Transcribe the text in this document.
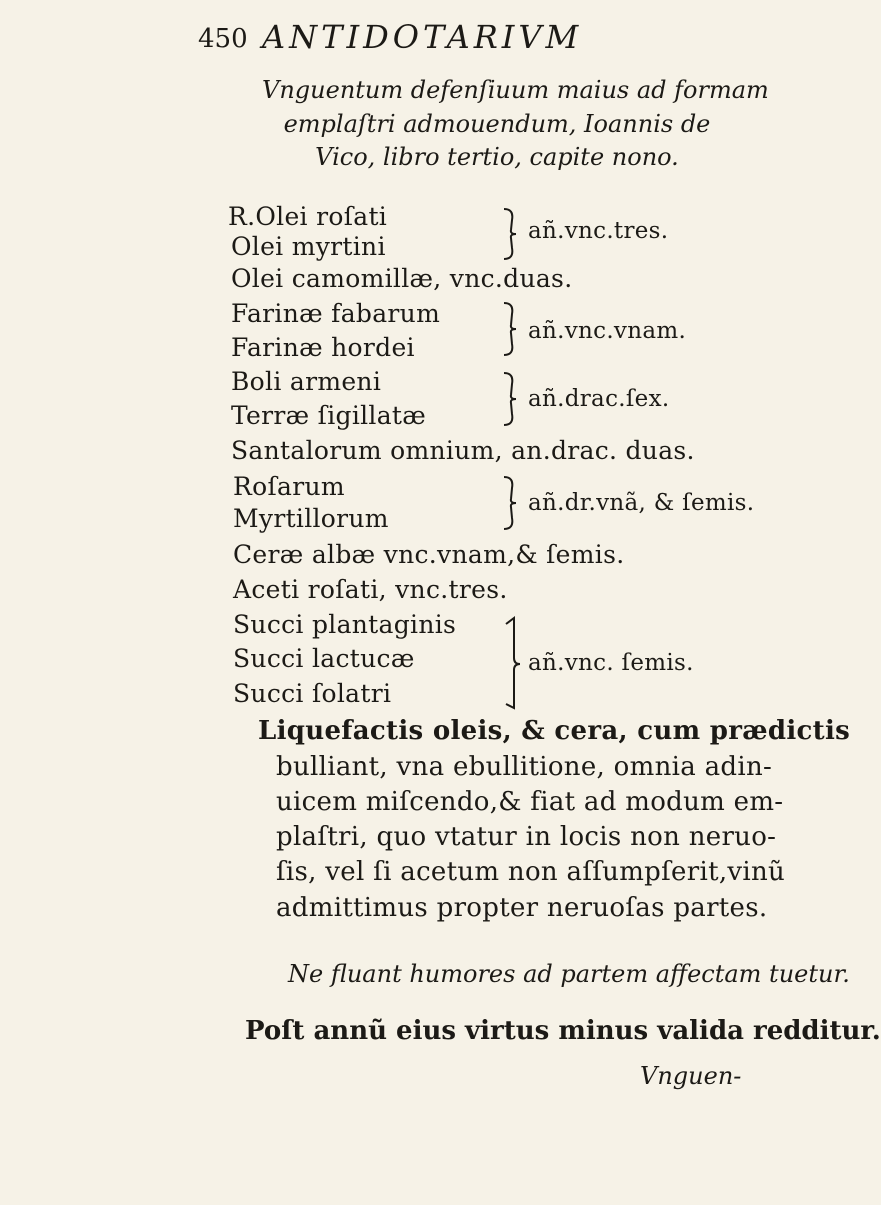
450 ANTIDOTARIVM
Vnguentum defenſiuum maius ad formam
emplaſtri admouendum, Ioannis de
Vico, libro tertio, capite nono.
R.Olei roſati
Olei myrtini
Olei camomillæ, vnc.duas.
Farinæ fabarum
Farinæ hordei
Boli armeni
Terræ ſigillatæ
Santalorum omnium, an.drac. duas.
Roſarum
Myrtillorum
Ceræ albæ vnc.vnam,& ſemis.
Aceti roſati, vnc.tres.
Succi plantaginis
Succi lactucæ
Succi ſolatri
añ.vnc.tres.
añ.vnc.vnam.
añ.drac.ſex.
añ.dr.vnã, & ſemis.
añ.vnc. ſemis.
Liquefactis oleis, & cera, cum prædictis
bulliant, vna ebullitione, omnia adin-
uicem miſcendo,& fiat ad modum em-
plaſtri, quo vtatur in locis non neruo-
ſis, vel ſi acetum non aſſumpſerit,vinũ
admittimus propter neruoſas partes.
Ne fluant humores ad partem affectam tuetur.
Poſt annũ eius virtus minus valida redditur.
Vnguen-
